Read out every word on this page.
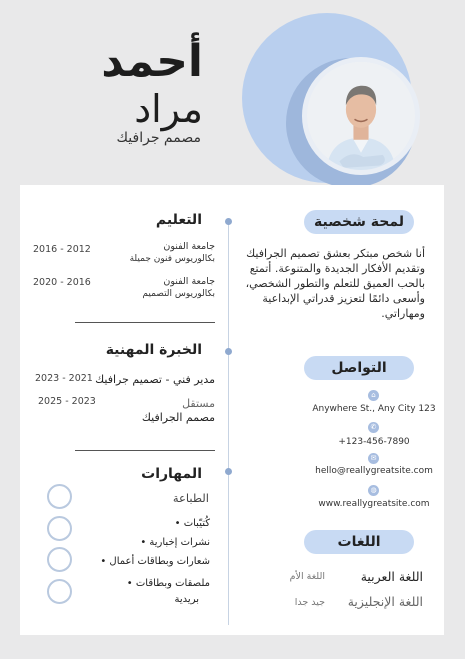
أحمد
مراد
مصمم جرافيك
لمحة شخصية
أنا شخص مبتكر بعشق تصميم الجرافيك وتقديم الأفكار الجديدة والمتنوعة. أتمتع بالحب العميق للتعلم والتطور الشخصي، وأسعى دائمًا لتعزيز قدراتي الإبداعية ومهاراتي.
التواصل
⌂
Anywhere St., Any City 123
✆
+123-456-7890
✉
hello@reallygreatsite.com
◍
www.reallygreatsite.com
اللغات
اللغة العربية
اللغة الأم
اللغة الإنجليزية
جيد جدا
التعليم
جامعة الفنون
بكالوريوس فنون جميلة
2016 - 2012
جامعة الفنون
بكالوريوس التصميم
2020 - 2016
الخبرة المهنية
مدير فني - تصميم جرافيك
2023 - 2021
مستقل
مصمم الجرافيك
2025 - 2023
المهارات
الطباعة
كُتيّبات •
نشرات إخبارية •
شعارات وبطاقات أعمال •
ملصقات وبطاقات •
بريدية
